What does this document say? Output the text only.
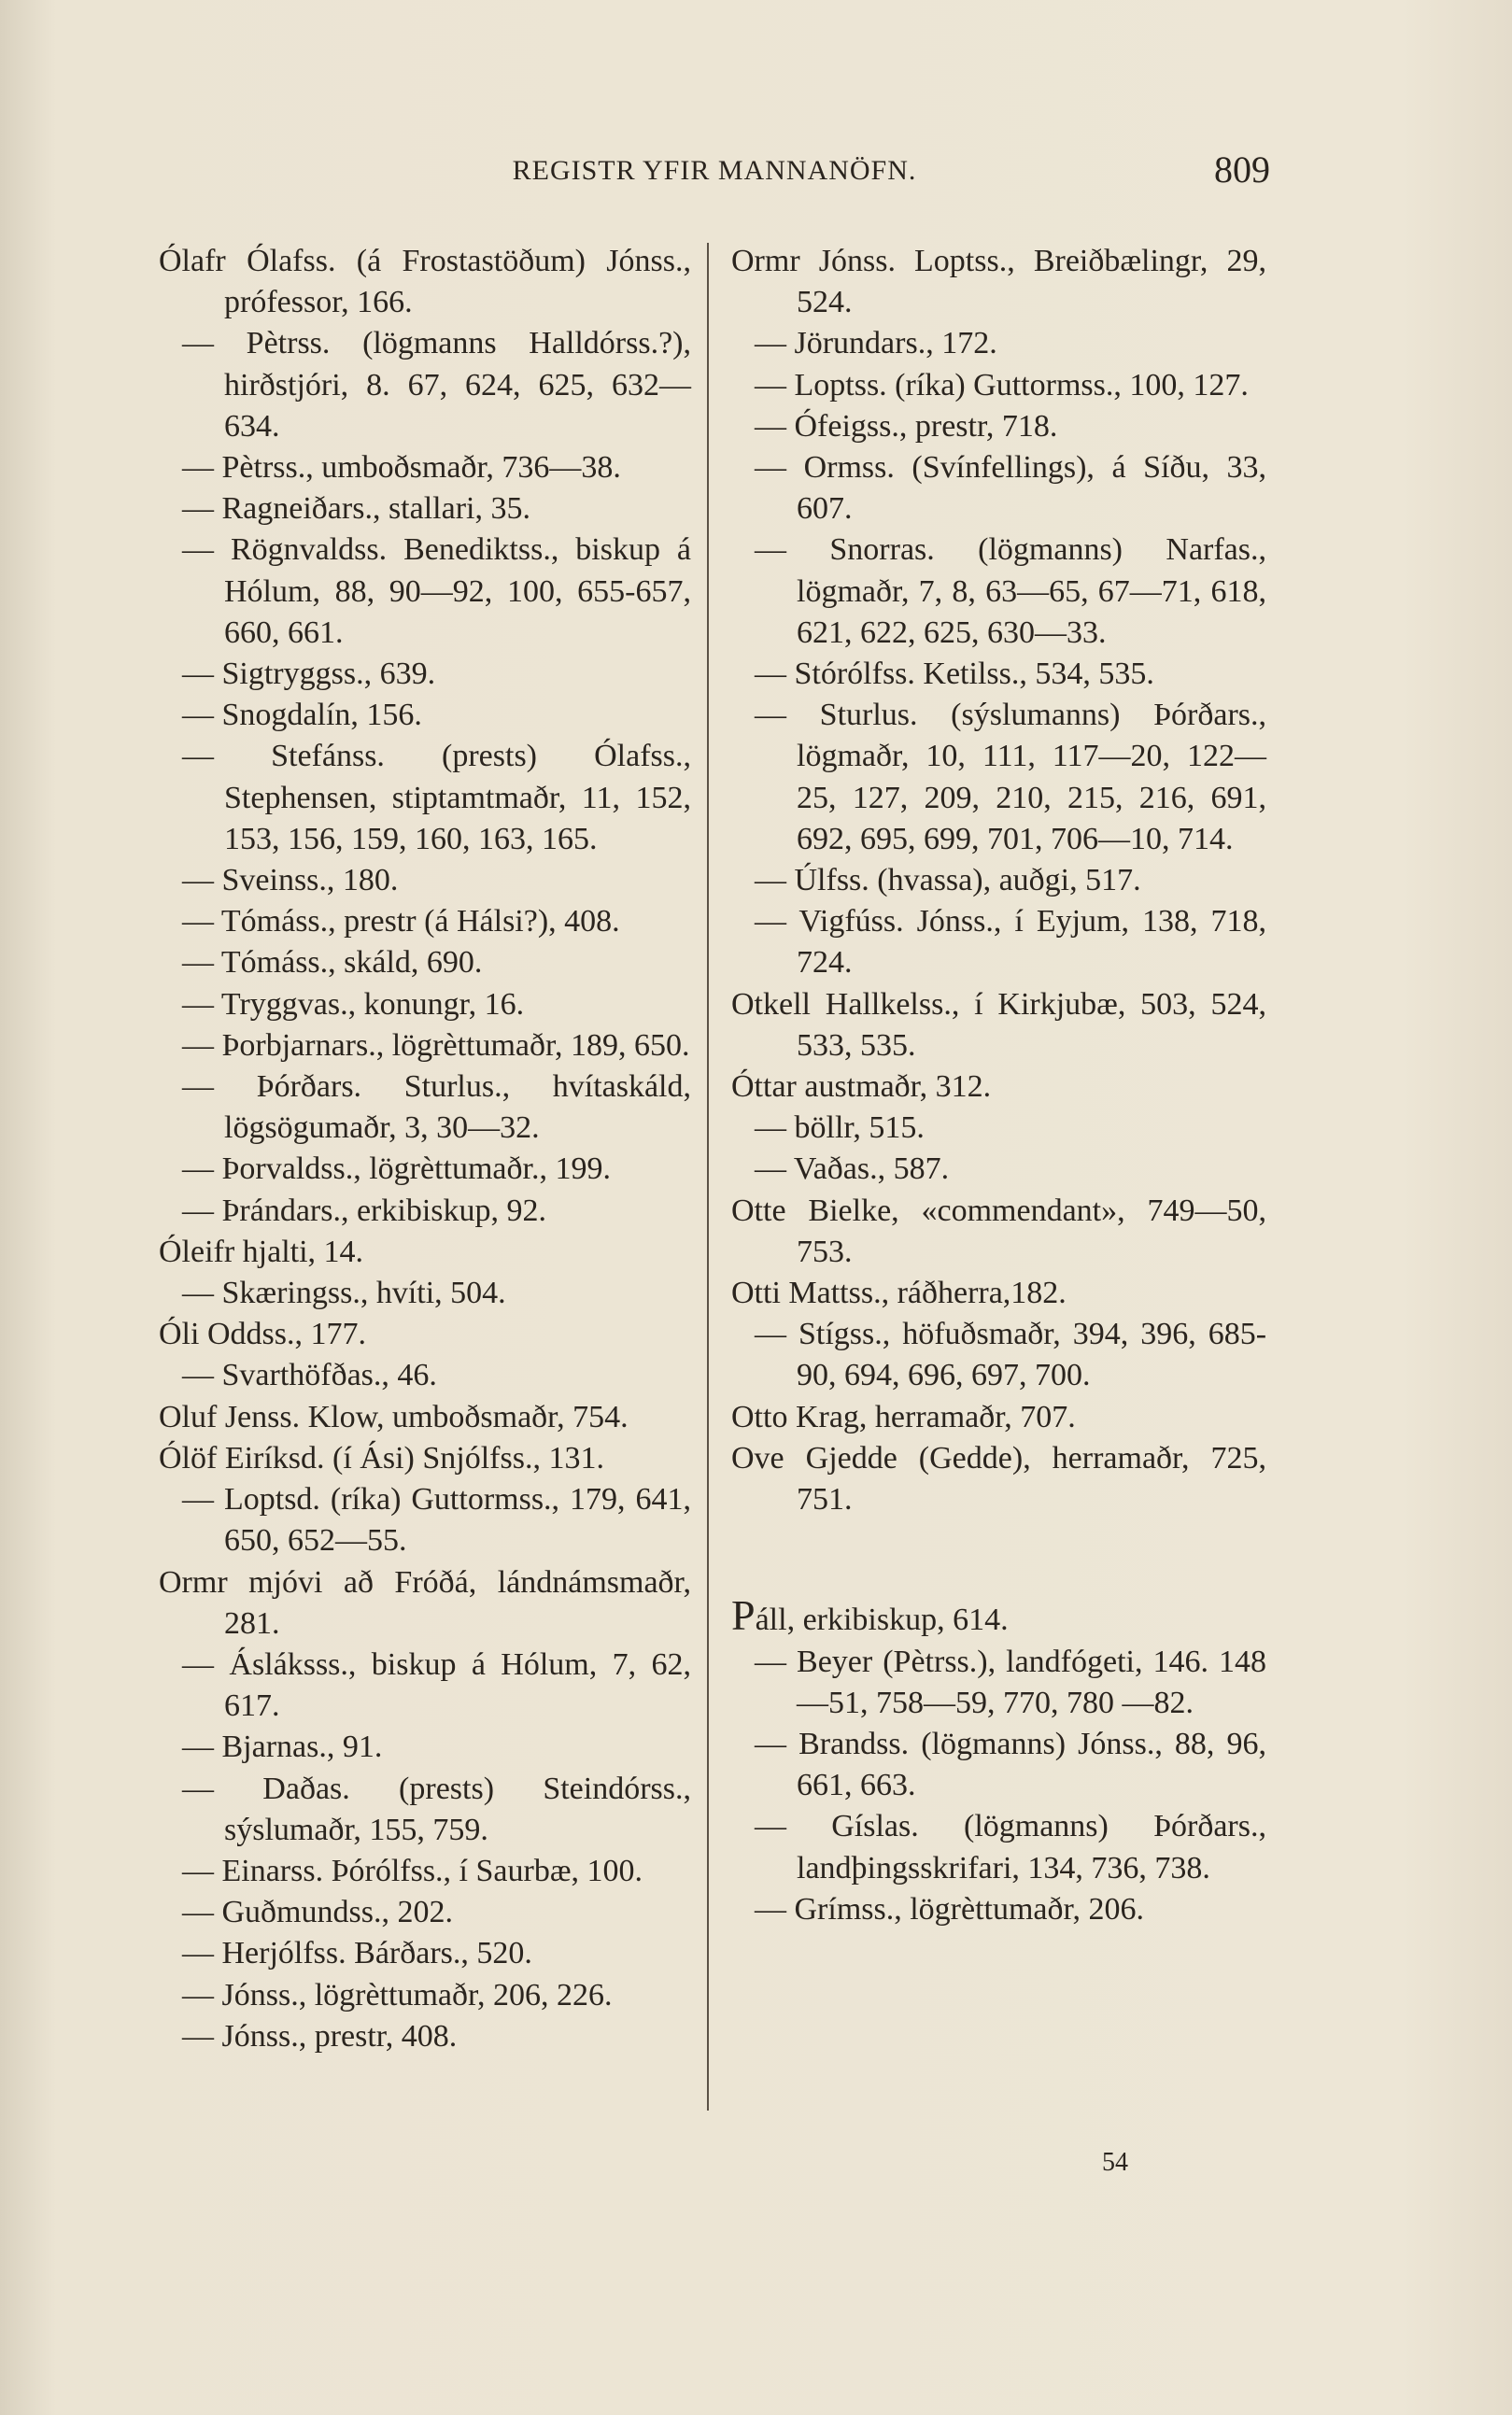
REGISTR YFIR MANNANÖFN.	809
Ólafr Ólafss. (á Frostastöðum) Jónss., prófessor, 166.
— Pètrss. (lögmanns Halldórss.?), hirðstjóri, 8. 67, 624, 625, 632—634.
— Pètrss., umboðsmaðr, 736—38.
— Ragneiðars., stallari, 35.
— Rögnvaldss. Benediktss., biskup á Hólum, 88, 90—92, 100, 655-657, 660, 661.
— Sigtryggss., 639.
— Snogdalín, 156.
— Stefánss. (prests) Ólafss., Stephensen, stiptamtmaðr, 11, 152, 153, 156, 159, 160, 163, 165.
— Sveinss., 180.
— Tómáss., prestr (á Hálsi?), 408.
— Tómáss., skáld, 690.
— Tryggvas., konungr, 16.
— Þorbjarnars., lögrèttumaðr, 189, 650.
— Þórðars. Sturlus., hvítaskáld, lögsögumaðr, 3, 30—32.
— Þorvaldss., lögrèttumaðr., 199.
— Þrándars., erkibiskup, 92.
Óleifr hjalti, 14.
— Skæringss., hvíti, 504.
Óli Oddss., 177.
— Svarthöfðas., 46.
Oluf Jenss. Klow, umboðsmaðr, 754.
Ólöf Eiríksd. (í Ási) Snjólfss., 131.
— Loptsd. (ríka) Guttormss., 179, 641, 650, 652—55.
Ormr mjóvi að Fróðá, lándnámsmaðr, 281.
— Ásláksss., biskup á Hólum, 7, 62, 617.
— Bjarnas., 91.
— Daðas. (prests) Steindórss., sýslumaðr, 155, 759.
— Einarss. Þórólfss., í Saurbæ, 100.
— Guðmundss., 202.
— Herjólfss. Bárðars., 520.
— Jónss., lögrèttumaðr, 206, 226.
— Jónss., prestr, 408.
Ormr Jónss. Loptss., Breiðbælingr, 29, 524.
— Jörundars., 172.
— Loptss. (ríka) Guttormss., 100, 127.
— Ófeigss., prestr, 718.
— Ormss. (Svínfellings), á Síðu, 33, 607.
— Snorras. (lögmanns) Narfas., lögmaðr, 7, 8, 63—65, 67—71, 618, 621, 622, 625, 630—33.
— Stórólfss. Ketilss., 534, 535.
— Sturlus. (sýslumanns) Þórðars., lögmaðr, 10, 111, 117—20, 122—25, 127, 209, 210, 215, 216, 691, 692, 695, 699, 701, 706—10, 714.
— Úlfss. (hvassa), auðgi, 517.
— Vigfúss. Jónss., í Eyjum, 138, 718, 724.
Otkell Hallkelss., í Kirkjubæ, 503, 524, 533, 535.
Óttar austmaðr, 312.
— böllr, 515.
— Vaðas., 587.
Otte Bielke, «commendant», 749—50, 753.
Otti Mattss., ráðherra,182.
— Stígss., höfuðsmaðr, 394, 396, 685-90, 694, 696, 697, 700.
Otto Krag, herramaðr, 707.
Ove Gjedde (Gedde), herramaðr, 725, 751.
Páll, erkibiskup, 614.
— Beyer (Pètrss.), landfógeti, 146. 148—51, 758—59, 770, 780 —82.
— Brandss. (lögmanns) Jónss., 88, 96, 661, 663.
— Gíslas. (lögmanns) Þórðars., landþingsskrifari, 134, 736, 738.
— Grímss., lögrèttumaðr, 206.
54
